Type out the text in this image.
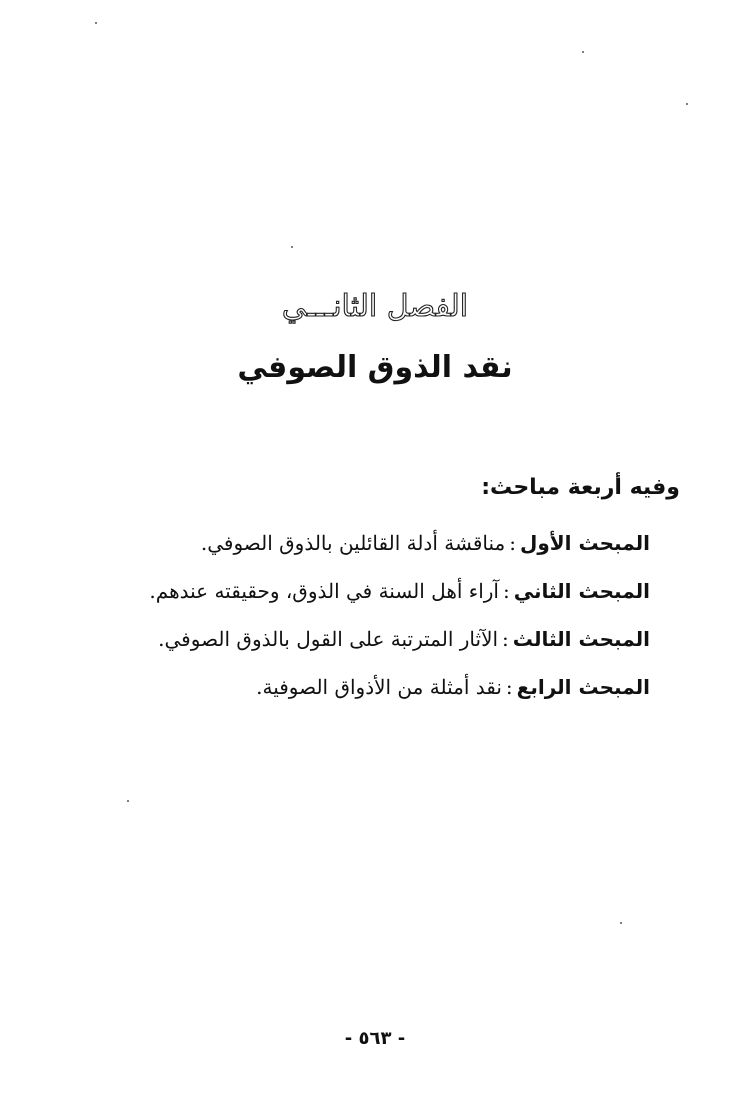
الفصل الثانـــي
نقد الذوق الصوفي
وفيه أربعة مباحث:
المبحث الأول:مناقشة أدلة القائلين بالذوق الصوفي.
المبحث الثاني:آراء أهل السنة في الذوق، وحقيقته عندهم.
المبحث الثالث:الآثار المترتبة على القول بالذوق الصوفي.
المبحث الرابع:نقد أمثلة من الأذواق الصوفية.
- ٥٦٣ -
